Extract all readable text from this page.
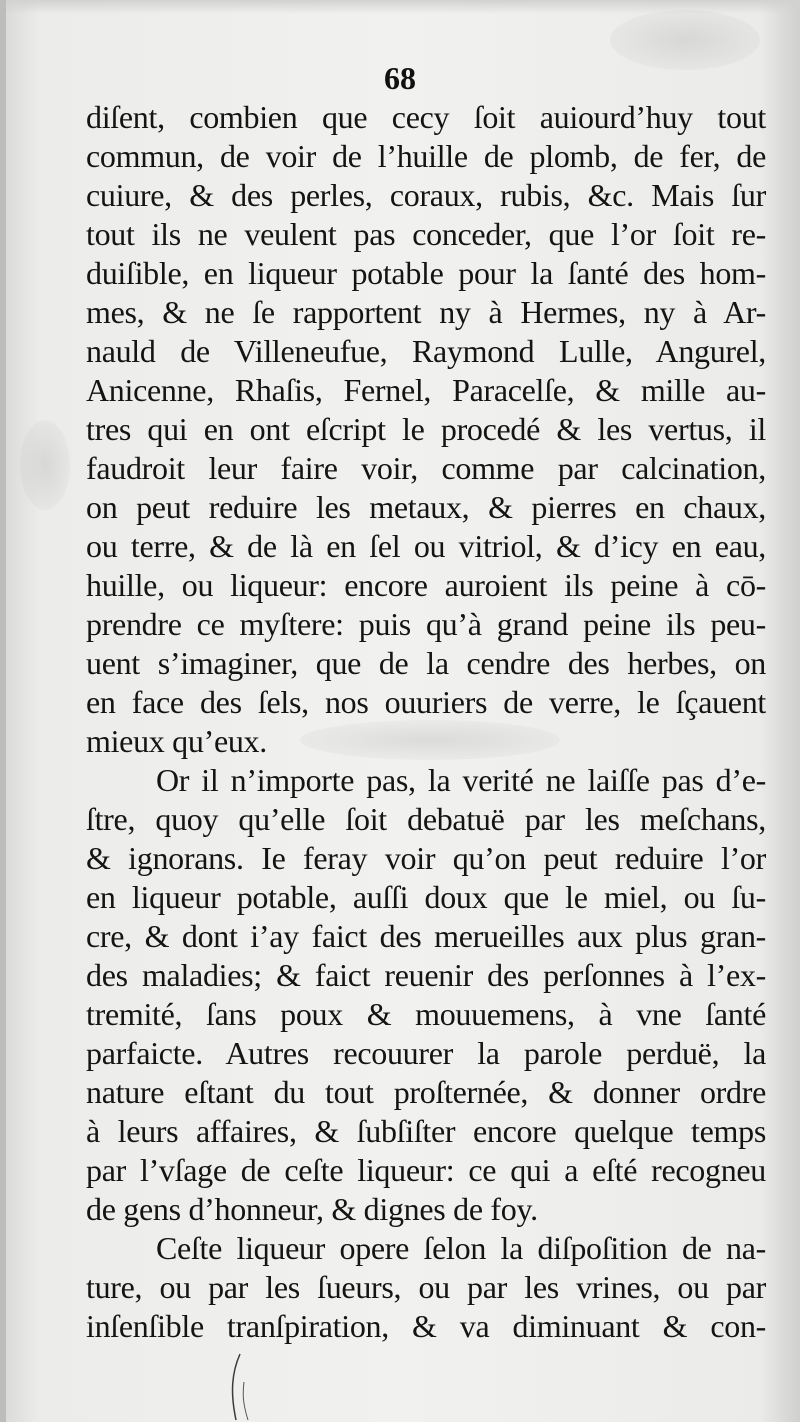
68
diſent, combien que cecy ſoit auiourd’huy tout
commun, de voir de l’huille de plomb, de fer, de
cuiure, & des perles, coraux, rubis, &c. Mais ſur
tout ils ne veulent pas conceder, que l’or ſoit re-
duiſible, en liqueur potable pour la ſanté des hom-
mes, & ne ſe rapportent ny à Hermes, ny à Ar-
nauld de Villeneufue, Raymond Lulle, Angurel,
Anicenne, Rhaſis, Fernel, Paracelſe, & mille au-
tres qui en ont eſcript le procedé & les vertus, il
faudroit leur faire voir, comme par calcination,
on peut reduire les metaux, & pierres en chaux,
ou terre, & de là en ſel ou vitriol, & d’icy en eau,
huille, ou liqueur: encore auroient ils peine à cō-
prendre ce myſtere: puis qu’à grand peine ils peu-
uent s’imaginer, que de la cendre des herbes, on
en face des ſels, nos ouuriers de verre, le ſçauent
mieux qu’eux.
Or il n’importe pas, la verité ne laiſſe pas d’e-
ſtre, quoy qu’elle ſoit debatuë par les meſchans,
& ignorans. Ie feray voir qu’on peut reduire l’or
en liqueur potable, auſſi doux que le miel, ou ſu-
cre, & dont i’ay faict des merueilles aux plus gran-
des maladies; & faict reuenir des perſonnes à l’ex-
tremité, ſans poux & mouuemens, à vne ſanté
parfaicte. Autres recouurer la parole perduë, la
nature eſtant du tout proſternée, & donner ordre
à leurs affaires, & ſubſiſter encore quelque temps
par l’vſage de ceſte liqueur: ce qui a eſté recogneu
de gens d’honneur, & dignes de foy.
Ceſte liqueur opere ſelon la diſpoſition de na-
ture, ou par les ſueurs, ou par les vrines, ou par
inſenſible tranſpiration, & va diminuant & con-
